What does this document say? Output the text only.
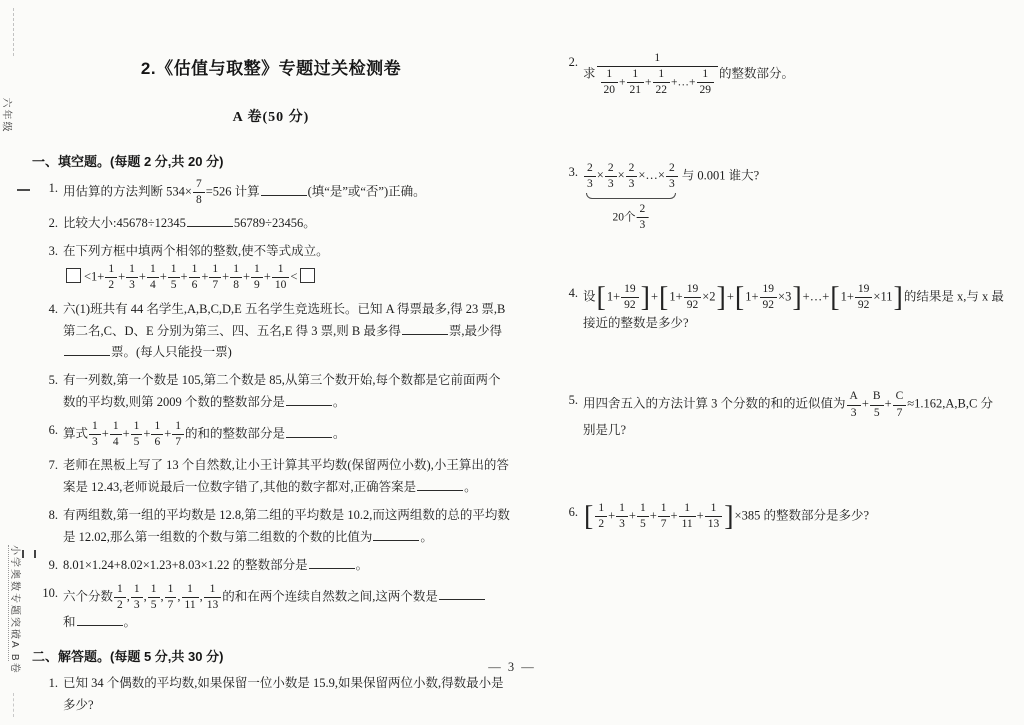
六年级
小学奥数专题突破A B卷
2.《估值与取整》专题过关检测卷
A 卷(50 分)
一、填空题。(每题 2 分,共 20 分)
1. 用估算的方法判断 $534\times \frac{7}{8} =526$ 计算	(填“是”或“否”)正确。
2. 比较大小:45678÷12345	56789÷23456。
3. 在下列方框中填两个相邻的整数,使不等式成立。
$<1+ \frac{1}{2} + \frac{1}{3} + \frac{1}{4} + \frac{1}{5} + \frac{1}{6} + \frac{1}{7} + \frac{1}{8} + \frac{1}{9} + \frac{1}{10}$ <
4. 六(1)班共有 44 名学生,A,B,C,D,E 五名学生竞选班长。已知 A 得票最多,得 23 票,B 第二名,C、D、E 分别为第三、四、五名,E 得 3 票,则 B 最多得	票,最少得票。(每人只能投一票)
5. 有一列数,第一个数是 105,第二个数是 85,从第三个数开始,每个数都是它前面两个数的平均数,则第 2009 个数的整数部分是	。
6. 算式 $\frac{1}{3} + \frac{1}{4} + \frac{1}{5} + \frac{1}{6} + \frac{1}{7}$ 的和的整数部分是	。
7. 老师在黑板上写了 13 个自然数,让小王计算其平均数(保留两位小数),小王算出的答案是 12.43,老师说最后一位数字错了,其他的数字都对,正确答案是	。
8. 有两组数,第一组的平均数是 12.8,第二组的平均数是 10.2,而这两组数的总的平均数是 12.02,那么第一组数的个数与第二组数的个数的比值为	。
9. 8.01×1.24+8.02×1.23+8.03×1.22 的整数部分是	。
10. 六个分数 $\frac{1}{2}$ , $\frac{1}{3}$ , $\frac{1}{5}$ , $\frac{1}{7}$ , $\frac{1}{11}$ , $\frac{1}{13}$ 的和在两个连续自然数之间,这两个数是
和	。
二、解答题。(每题 5 分,共 30 分)
1. 已知 34 个偶数的平均数,如果保留一位小数是 15.9,如果保留两位小数,得数最小是多少?
2.
求 $\frac{1}{\frac{1}{20} + \frac{1}{21} + \frac{1}{22} +\dots+ \frac{1}{29}}$ 的整数部分。
3. $\frac{2}{3} \times \frac{2}{3} \times \frac{2}{3}$ ×…× $\frac{2}{3}$
20个 $\frac{2}{3}$
与 0.001 谁大?
4. 设$[1+ \frac{19}{92} ]+[1+ \frac{19}{92} \times 2]+[1+ \frac{19}{92}$ ×3]+…+[1+ $\frac{19}{92} \times 11$]的结果是 x,与 x 最接近的整数是多少?
5. 用四舍五入的方法计算 3 个分数的和的近似值为 $\frac{A}{3} + \frac{B}{5} + \frac{C}{7} \approx 1.162,A,B,C$ 分别是几?
6. [ $\frac{1}{2} + \frac{1}{3} + \frac{1}{5} + \frac{1}{7} + \frac{1}{11} + \frac{1}{13} ]\times 385$ 的整数部分是多少?
— 3 —
